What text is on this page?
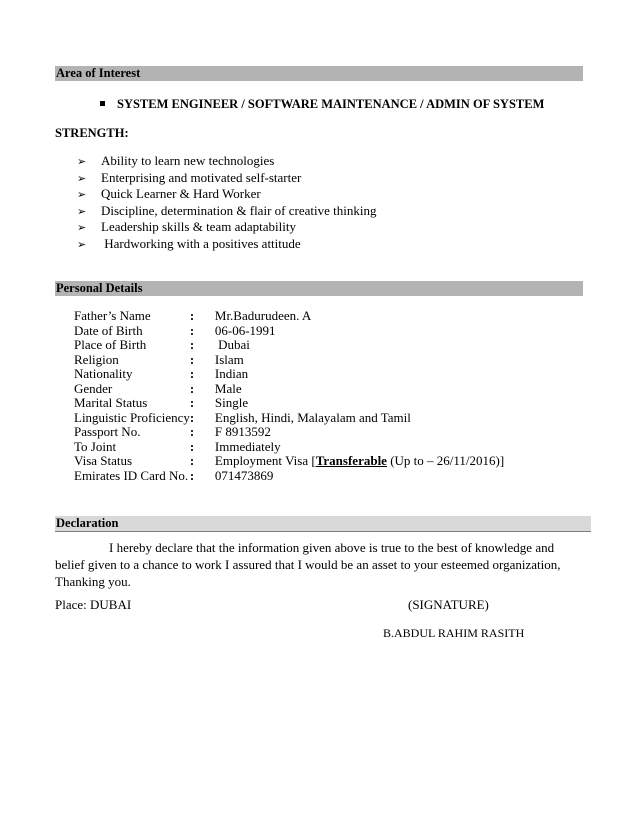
Area of Interest
SYSTEM ENGINEER / SOFTWARE MAINTENANCE / ADMIN OF SYSTEM
STRENGTH:
➢ Ability to learn new technologies
➢ Enterprising and motivated self-starter
➢ Quick Learner & Hard Worker
➢ Discipline, determination & flair of creative thinking
➢ Leadership skills & team adaptability
➢ Hardworking with a positives attitude
Personal Details
Father’s Name	:	Mr.Badurudeen. A
Date of Birth	:	06-06-1991
Place of Birth	:	Dubai
Religion	:	Islam
Nationality	:	Indian
Gender	:	Male
Marital Status	:	Single
Linguistic Proficiency	:	English, Hindi, Malayalam and Tamil
Passport No.	:	F 8913592
To Joint	:	Immediately
Visa Status	:	Employment Visa [Transferable (Up to – 26/11/2016)]
Emirates ID Card No.	:	071473869
Declaration
I hereby declare that the information given above is true to the best of knowledge and belief given to a chance to work I assured that I would be an asset to your esteemed organization, Thanking you.
Place: DUBAI	(SIGNATURE)
B.ABDUL RAHIM RASITH
